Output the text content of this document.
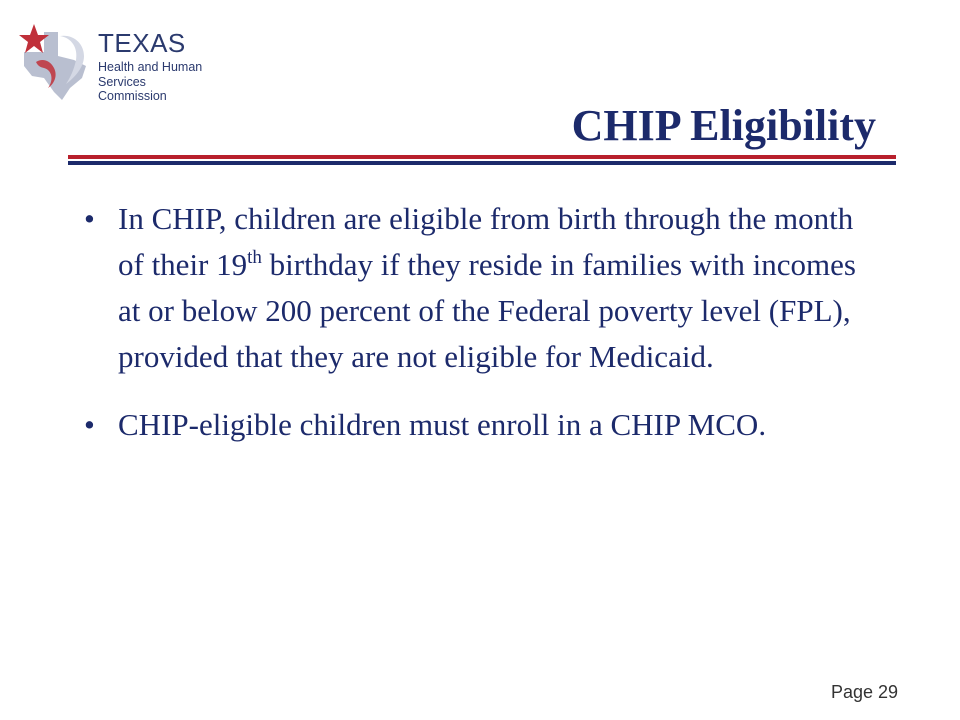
TEXAS
Health and Human
Services Commission
CHIP Eligibility
• In CHIP, children are eligible from birth through the month of their 19th birthday if they reside in families with incomes at or below 200 percent of the Federal poverty level (FPL), provided that they are not eligible for Medicaid.
• CHIP-eligible children must enroll in a CHIP MCO.
Page 29
